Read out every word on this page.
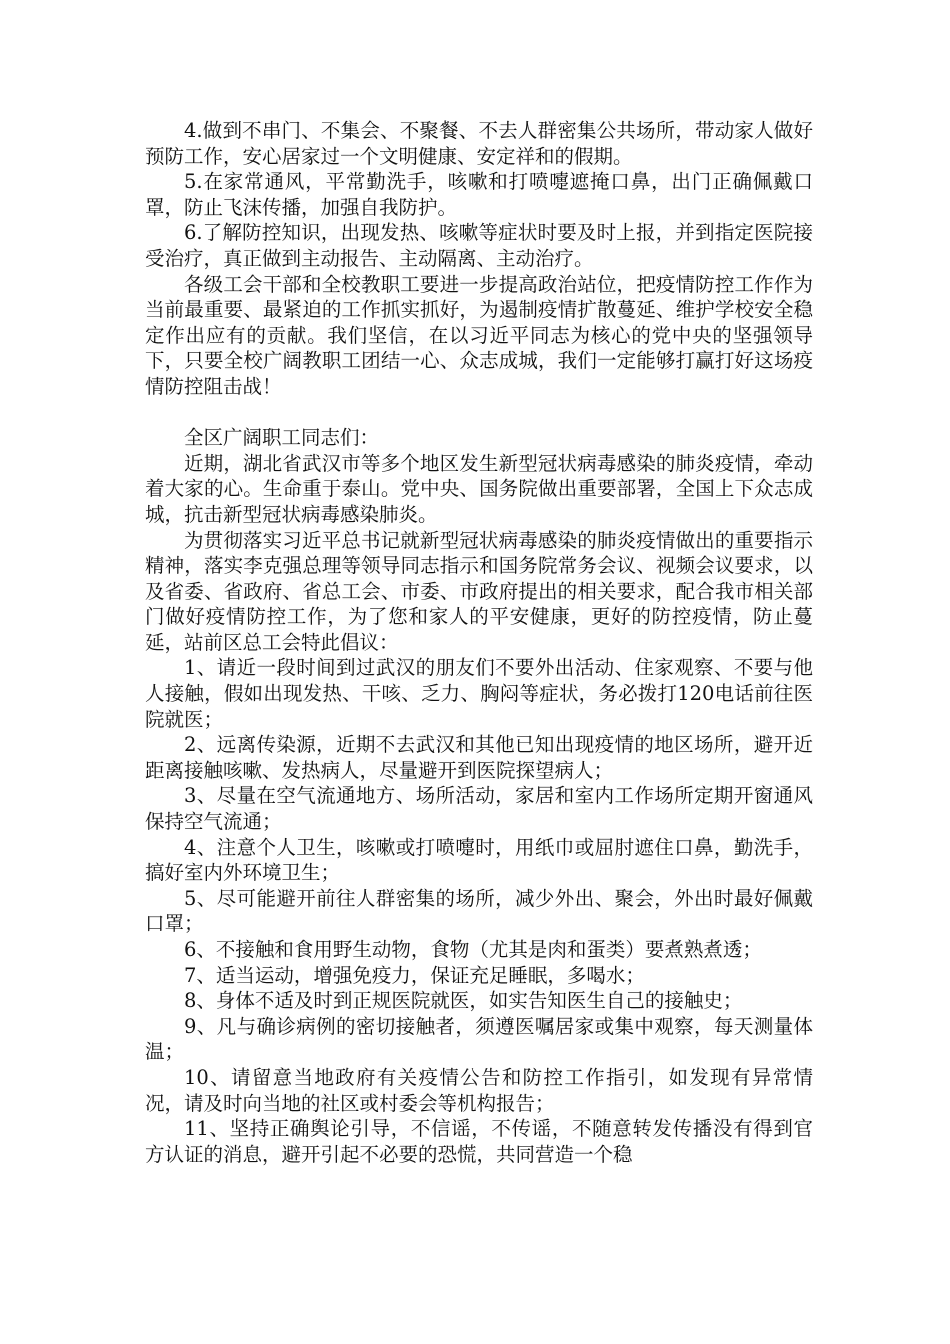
4.做到不串门、不集会、不聚餐、不去人群密集公共场所，带动家人做好预防工作，安心居家过一个文明健康、安定祥和的假期。

5.在家常通风，平常勤洗手，咳嗽和打喷嚏遮掩口鼻，出门正确佩戴口罩，防止飞沫传播，加强自我防护。

6.了解防控知识，出现发热、咳嗽等症状时要及时上报，并到指定医院接受治疗，真正做到主动报告、主动隔离、主动治疗。

各级工会干部和全校教职工要进一步提高政治站位，把疫情防控工作作为当前最重要、最紧迫的工作抓实抓好，为遏制疫情扩散蔓延、维护学校安全稳定作出应有的贡献。我们坚信，在以习近平同志为核心的党中央的坚强领导下，只要全校广阔教职工团结一心、众志成城，我们一定能够打赢打好这场疫情防控阻击战！

全区广阔职工同志们：

近期，湖北省武汉市等多个地区发生新型冠状病毒感染的肺炎疫情，牵动着大家的心。生命重于泰山。党中央、国务院做出重要部署，全国上下众志成城，抗击新型冠状病毒感染肺炎。

为贯彻落实习近平总书记就新型冠状病毒感染的肺炎疫情做出的重要指示精神，落实李克强总理等领导同志指示和国务院常务会议、视频会议要求，以及省委、省政府、省总工会、市委、市政府提出的相关要求，配合我市相关部门做好疫情防控工作，为了您和家人的平安健康，更好的防控疫情，防止蔓延，站前区总工会特此倡议：

1、请近一段时间到过武汉的朋友们不要外出活动、住家观察、不要与他人接触，假如出现发热、干咳、乏力、胸闷等症状，务必拨打120电话前往医院就医；

2、远离传染源，近期不去武汉和其他已知出现疫情的地区场所，避开近距离接触咳嗽、发热病人，尽量避开到医院探望病人；

3、尽量在空气流通地方、场所活动，家居和室内工作场所定期开窗通风保持空气流通；

4、注意个人卫生，咳嗽或打喷嚏时，用纸巾或屈肘遮住口鼻，勤洗手，搞好室内外环境卫生；

5、尽可能避开前往人群密集的场所，减少外出、聚会，外出时最好佩戴口罩；

6、不接触和食用野生动物，食物（尤其是肉和蛋类）要煮熟煮透；

7、适当运动，增强免疫力，保证充足睡眠，多喝水；

8、身体不适及时到正规医院就医，如实告知医生自己的接触史；

9、凡与确诊病例的密切接触者，须遵医嘱居家或集中观察，每天测量体温；

10、请留意当地政府有关疫情公告和防控工作指引，如发现有异常情况，请及时向当地的社区或村委会等机构报告；

11、坚持正确舆论引导，不信谣，不传谣，不随意转发传播没有得到官方认证的消息，避开引起不必要的恐慌，共同营造一个稳
